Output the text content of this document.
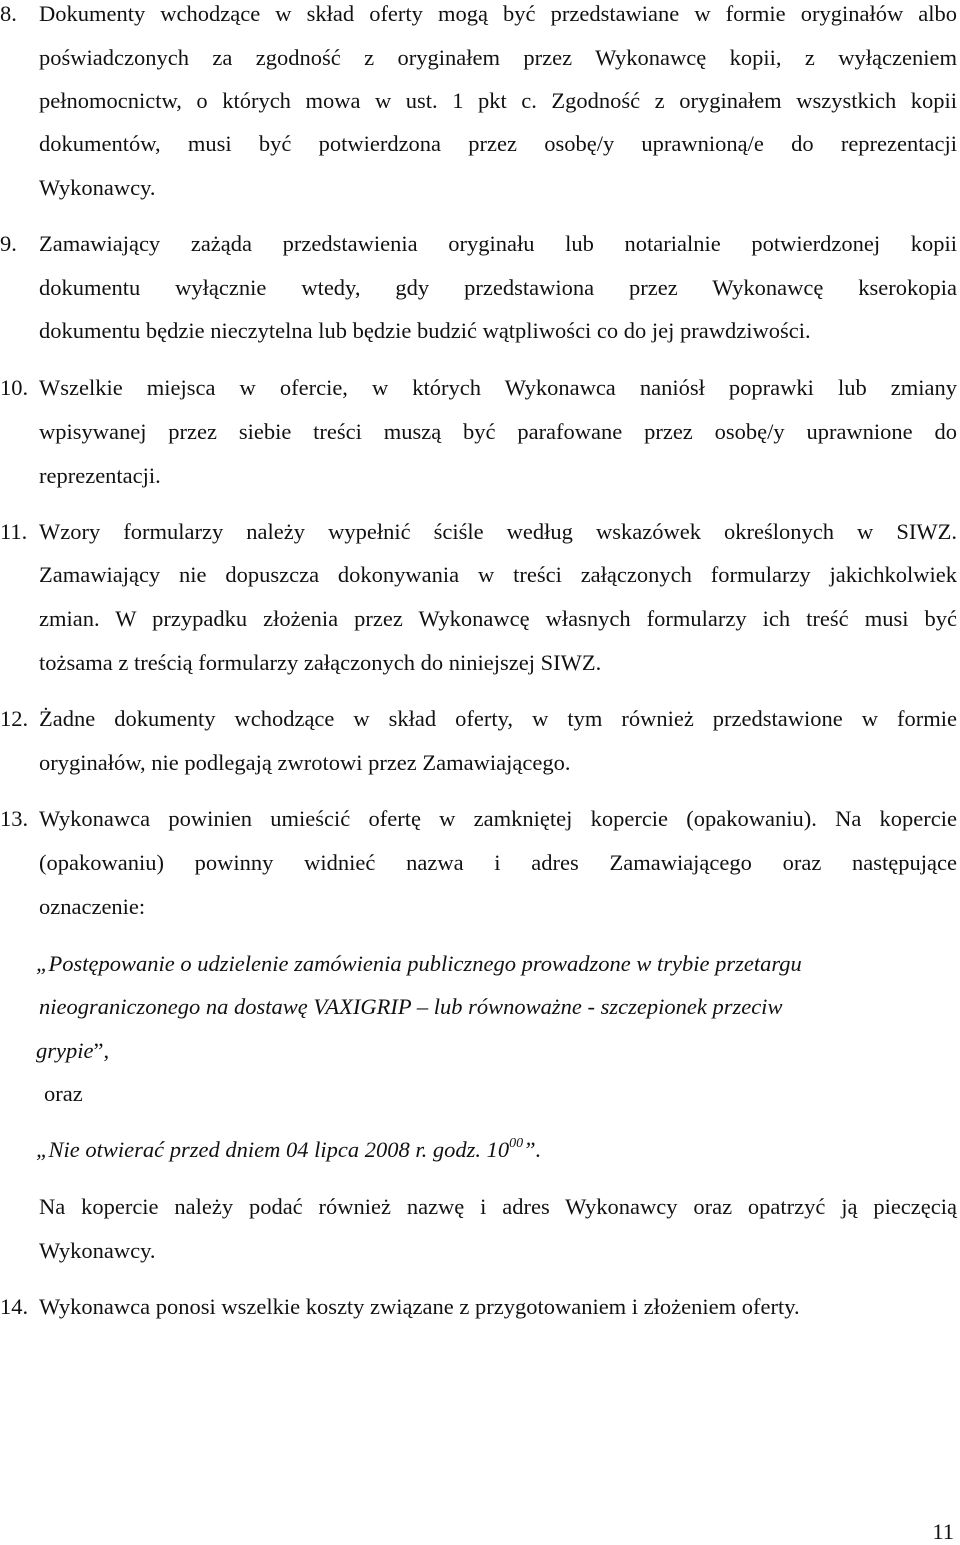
8. Dokumenty wchodzące w skład oferty mogą być przedstawiane w formie oryginałów albo
poświadczonych za zgodność z oryginałem przez Wykonawcę kopii, z wyłączeniem
pełnomocnictw, o których mowa w ust. 1 pkt c. Zgodność z oryginałem wszystkich kopii
dokumentów, musi być potwierdzona przez osobę/y uprawnioną/e do reprezentacji
Wykonawcy.
9. Zamawiający zażąda przedstawienia oryginału lub notarialnie potwierdzonej kopii
dokumentu wyłącznie wtedy, gdy przedstawiona przez Wykonawcę kserokopia
dokumentu będzie nieczytelna lub będzie budzić wątpliwości co do jej prawdziwości.
10. Wszelkie miejsca w ofercie, w których Wykonawca naniósł poprawki lub zmiany
wpisywanej przez siebie treści muszą być parafowane przez osobę/y uprawnione do
reprezentacji.
11. Wzory formularzy należy wypełnić ściśle według wskazówek określonych w SIWZ.
Zamawiający nie dopuszcza dokonywania w treści załączonych formularzy jakichkolwiek
zmian. W przypadku złożenia przez Wykonawcę własnych formularzy ich treść musi być
tożsama z treścią formularzy załączonych do niniejszej SIWZ.
12. Żadne dokumenty wchodzące w skład oferty, w tym również przedstawione w formie
oryginałów, nie podlegają zwrotowi przez Zamawiającego.
13. Wykonawca powinien umieścić ofertę w zamkniętej kopercie (opakowaniu). Na kopercie
(opakowaniu) powinny widnieć nazwa i adres Zamawiającego oraz następujące
oznaczenie:
„Postępowanie o udzielenie zamówienia publicznego prowadzone w trybie przetargu
nieograniczonego na dostawę VAXIGRIP – lub równoważne - szczepionek przeciw
grypie”,
oraz
„Nie otwierać przed dniem 04 lipca 2008 r. godz. $10^{00}$”.
Na kopercie należy podać również nazwę i adres Wykonawcy oraz opatrzyć ją pieczęcią
Wykonawcy.
14. Wykonawca ponosi wszelkie koszty związane z przygotowaniem i złożeniem oferty.
11
